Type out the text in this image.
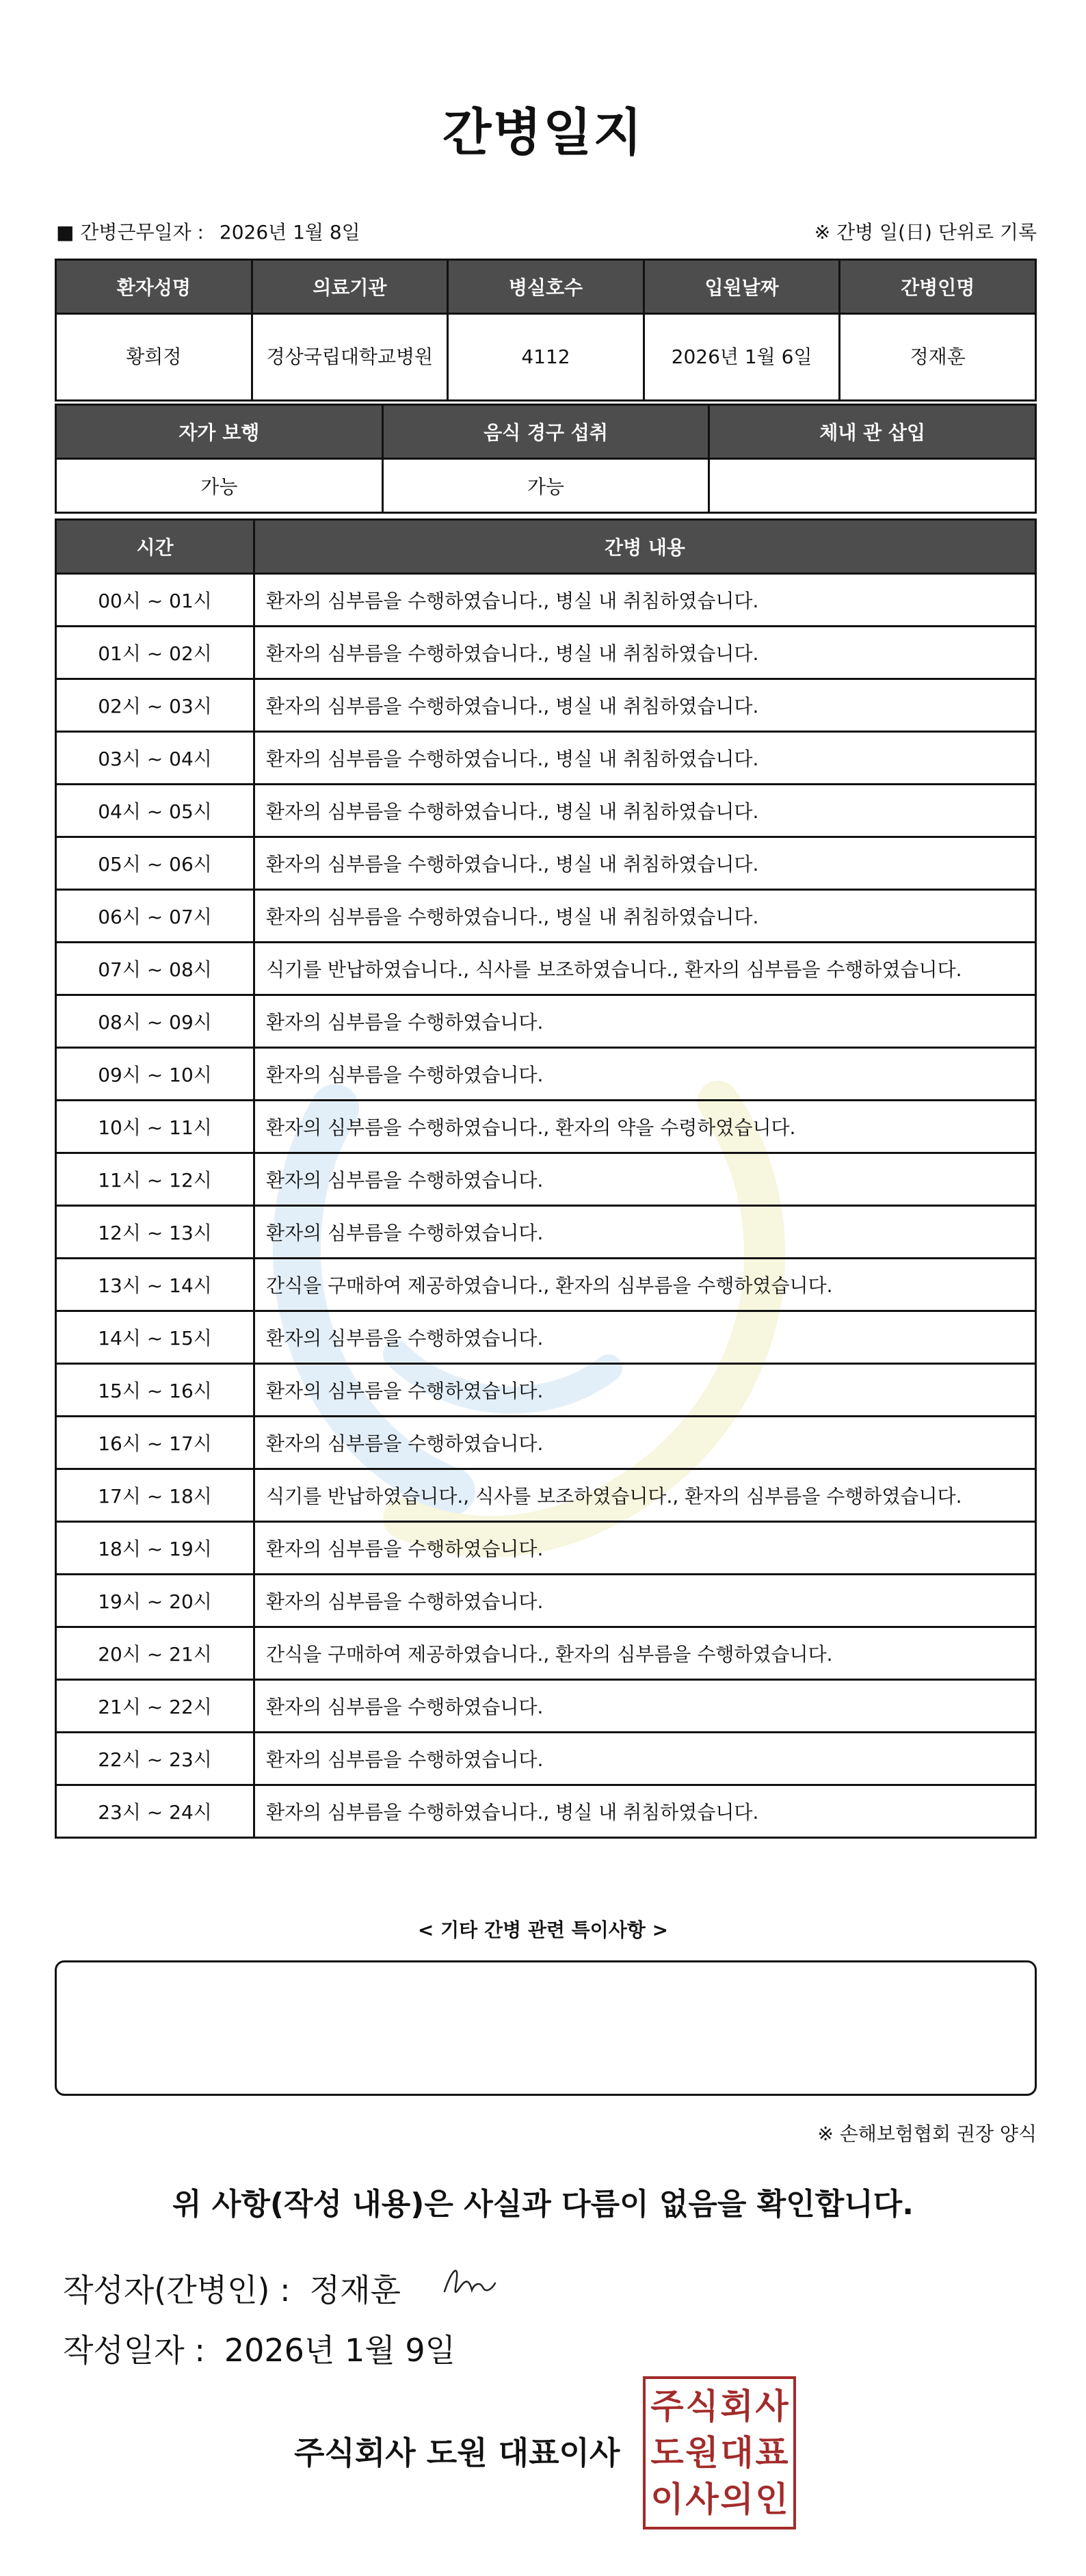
간병일지
■ 간병근무일자 : 2026년 1월 8일	※ 간병 일(日) 단위로 기록
환자성명	의료기관	병실호수	입원날짜	간병인명
황희정	경상국립대학교병원	4112	2026년 1월 6일	정재훈
자가 보행	음식 경구 섭취	체내 관 삽입
가능	가능	
시간	간병 내용
00시 ~ 01시	환자의 심부름을 수행하였습니다., 병실 내 취침하였습니다.
01시 ~ 02시	환자의 심부름을 수행하였습니다., 병실 내 취침하였습니다.
02시 ~ 03시	환자의 심부름을 수행하였습니다., 병실 내 취침하였습니다.
03시 ~ 04시	환자의 심부름을 수행하였습니다., 병실 내 취침하였습니다.
04시 ~ 05시	환자의 심부름을 수행하였습니다., 병실 내 취침하였습니다.
05시 ~ 06시	환자의 심부름을 수행하였습니다., 병실 내 취침하였습니다.
06시 ~ 07시	환자의 심부름을 수행하였습니다., 병실 내 취침하였습니다.
07시 ~ 08시	식기를 반납하였습니다., 식사를 보조하였습니다., 환자의 심부름을 수행하였습니다.
08시 ~ 09시	환자의 심부름을 수행하였습니다.
09시 ~ 10시	환자의 심부름을 수행하였습니다.
10시 ~ 11시	환자의 심부름을 수행하였습니다., 환자의 약을 수령하였습니다.
11시 ~ 12시	환자의 심부름을 수행하였습니다.
12시 ~ 13시	환자의 심부름을 수행하였습니다.
13시 ~ 14시	간식을 구매하여 제공하였습니다., 환자의 심부름을 수행하였습니다.
14시 ~ 15시	환자의 심부름을 수행하였습니다.
15시 ~ 16시	환자의 심부름을 수행하였습니다.
16시 ~ 17시	환자의 심부름을 수행하였습니다.
17시 ~ 18시	식기를 반납하였습니다., 식사를 보조하였습니다., 환자의 심부름을 수행하였습니다.
18시 ~ 19시	환자의 심부름을 수행하였습니다.
19시 ~ 20시	환자의 심부름을 수행하였습니다.
20시 ~ 21시	간식을 구매하여 제공하였습니다., 환자의 심부름을 수행하였습니다.
21시 ~ 22시	환자의 심부름을 수행하였습니다.
22시 ~ 23시	환자의 심부름을 수행하였습니다.
23시 ~ 24시	환자의 심부름을 수행하였습니다., 병실 내 취침하였습니다.
< 기타 간병 관련 특이사항 >
※ 손해보험협회 권장 양식
위 사항(작성 내용)은 사실과 다름이 없음을 확인합니다.
작성자(간병인) : 정재훈
작성일자 : 2026년 1월 9일
주식회사 도원 대표이사
주 식 회 사
도 원 대 표
이 사 의 인
